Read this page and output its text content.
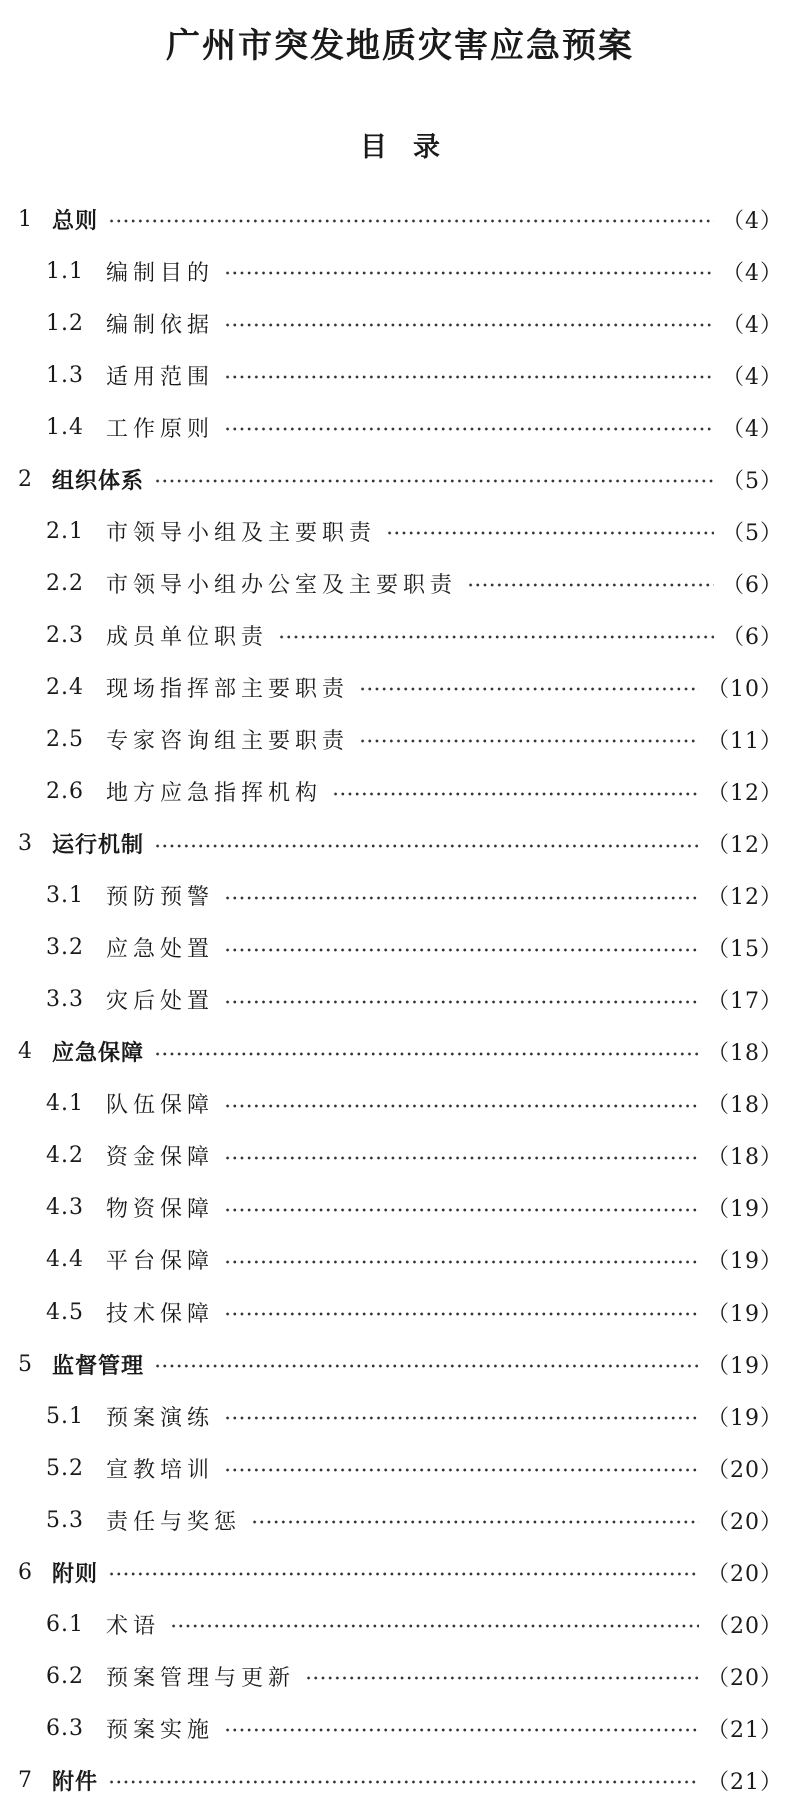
广州市突发地质灾害应急预案
目 录
1 总则	（4）
1.1	编制目的	（4）
1.2	编制依据	（4）
1.3	适用范围	（4）
1.4	工作原则	（4）
2 组织体系	（5）
2.1	市领导小组及主要职责	（5）
2.2	市领导小组办公室及主要职责	（6）
2.3	成员单位职责	（6）
2.4	现场指挥部主要职责	（10）
2.5	专家咨询组主要职责	（11）
2.6	地方应急指挥机构	（12）
3 运行机制	（12）
3.1	预防预警	（12）
3.2	应急处置	（15）
3.3	灾后处置	（17）
4 应急保障	（18）
4.1	队伍保障	（18）
4.2	资金保障	（18）
4.3	物资保障	（19）
4.4	平台保障	（19）
4.5	技术保障	（19）
5 监督管理	（19）
5.1	预案演练	（19）
5.2	宣教培训	（20）
5.3	责任与奖惩	（20）
6 附则	（20）
6.1	术语	（20）
6.2	预案管理与更新	（20）
6.3	预案实施	（21）
7 附件	（21）
